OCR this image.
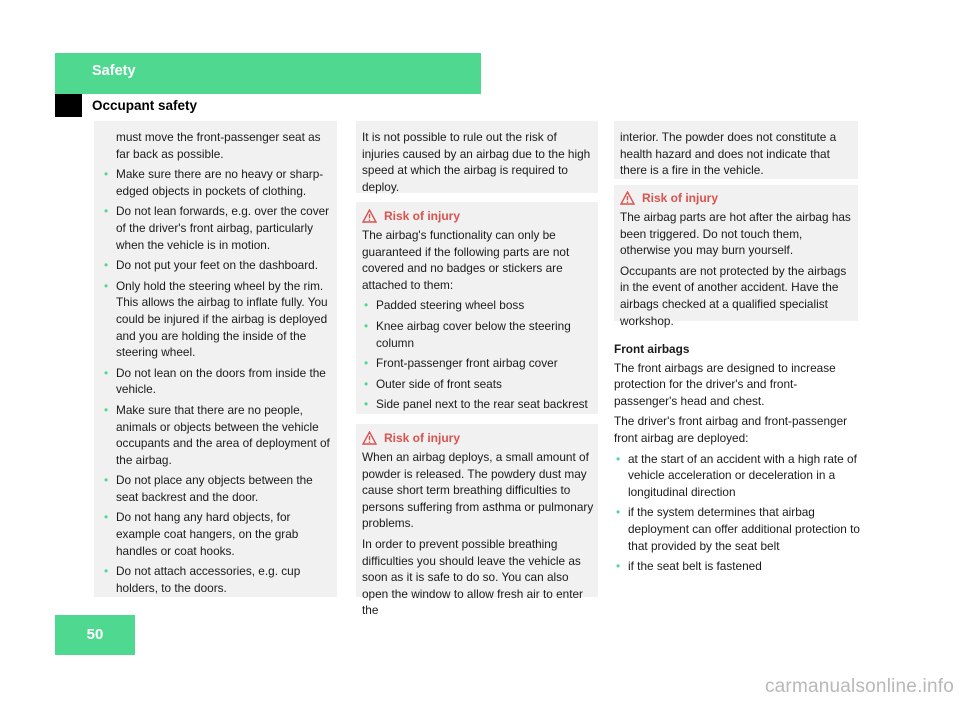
Safety
Occupant safety
must move the front-passenger seat as far back as possible.
• Make sure there are no heavy or sharp-edged objects in pockets of clothing.
• Do not lean forwards, e.g. over the cover of the driver's front airbag, particularly when the vehicle is in motion.
• Do not put your feet on the dashboard.
• Only hold the steering wheel by the rim. This allows the airbag to inflate fully. You could be injured if the airbag is deployed and you are holding the inside of the steering wheel.
• Do not lean on the doors from inside the vehicle.
• Make sure that there are no people, animals or objects between the vehicle occupants and the area of deployment of the airbag.
• Do not place any objects between the seat backrest and the door.
• Do not hang any hard objects, for example coat hangers, on the grab handles or coat hooks.
• Do not attach accessories, e.g. cup holders, to the doors.
It is not possible to rule out the risk of injuries caused by an airbag due to the high speed at which the airbag is required to deploy.
Risk of injury
The airbag's functionality can only be guaranteed if the following parts are not covered and no badges or stickers are attached to them:
• Padded steering wheel boss
• Knee airbag cover below the steering column
• Front-passenger front airbag cover
• Outer side of front seats
• Side panel next to the rear seat backrest
Risk of injury
When an airbag deploys, a small amount of powder is released. The powdery dust may cause short term breathing difficulties to persons suffering from asthma or pulmonary problems.
In order to prevent possible breathing difficulties you should leave the vehicle as soon as it is safe to do so. You can also open the window to allow fresh air to enter the
interior. The powder does not constitute a health hazard and does not indicate that there is a fire in the vehicle.
Risk of injury
The airbag parts are hot after the airbag has been triggered. Do not touch them, otherwise you may burn yourself.
Occupants are not protected by the airbags in the event of another accident. Have the airbags checked at a qualified specialist workshop.
Front airbags
The front airbags are designed to increase protection for the driver's and front-passenger's head and chest.
The driver's front airbag and front-passenger front airbag are deployed:
• at the start of an accident with a high rate of vehicle acceleration or deceleration in a longitudinal direction
• if the system determines that airbag deployment can offer additional protection to that provided by the seat belt
• if the seat belt is fastened
50
carmanualsonline.info
